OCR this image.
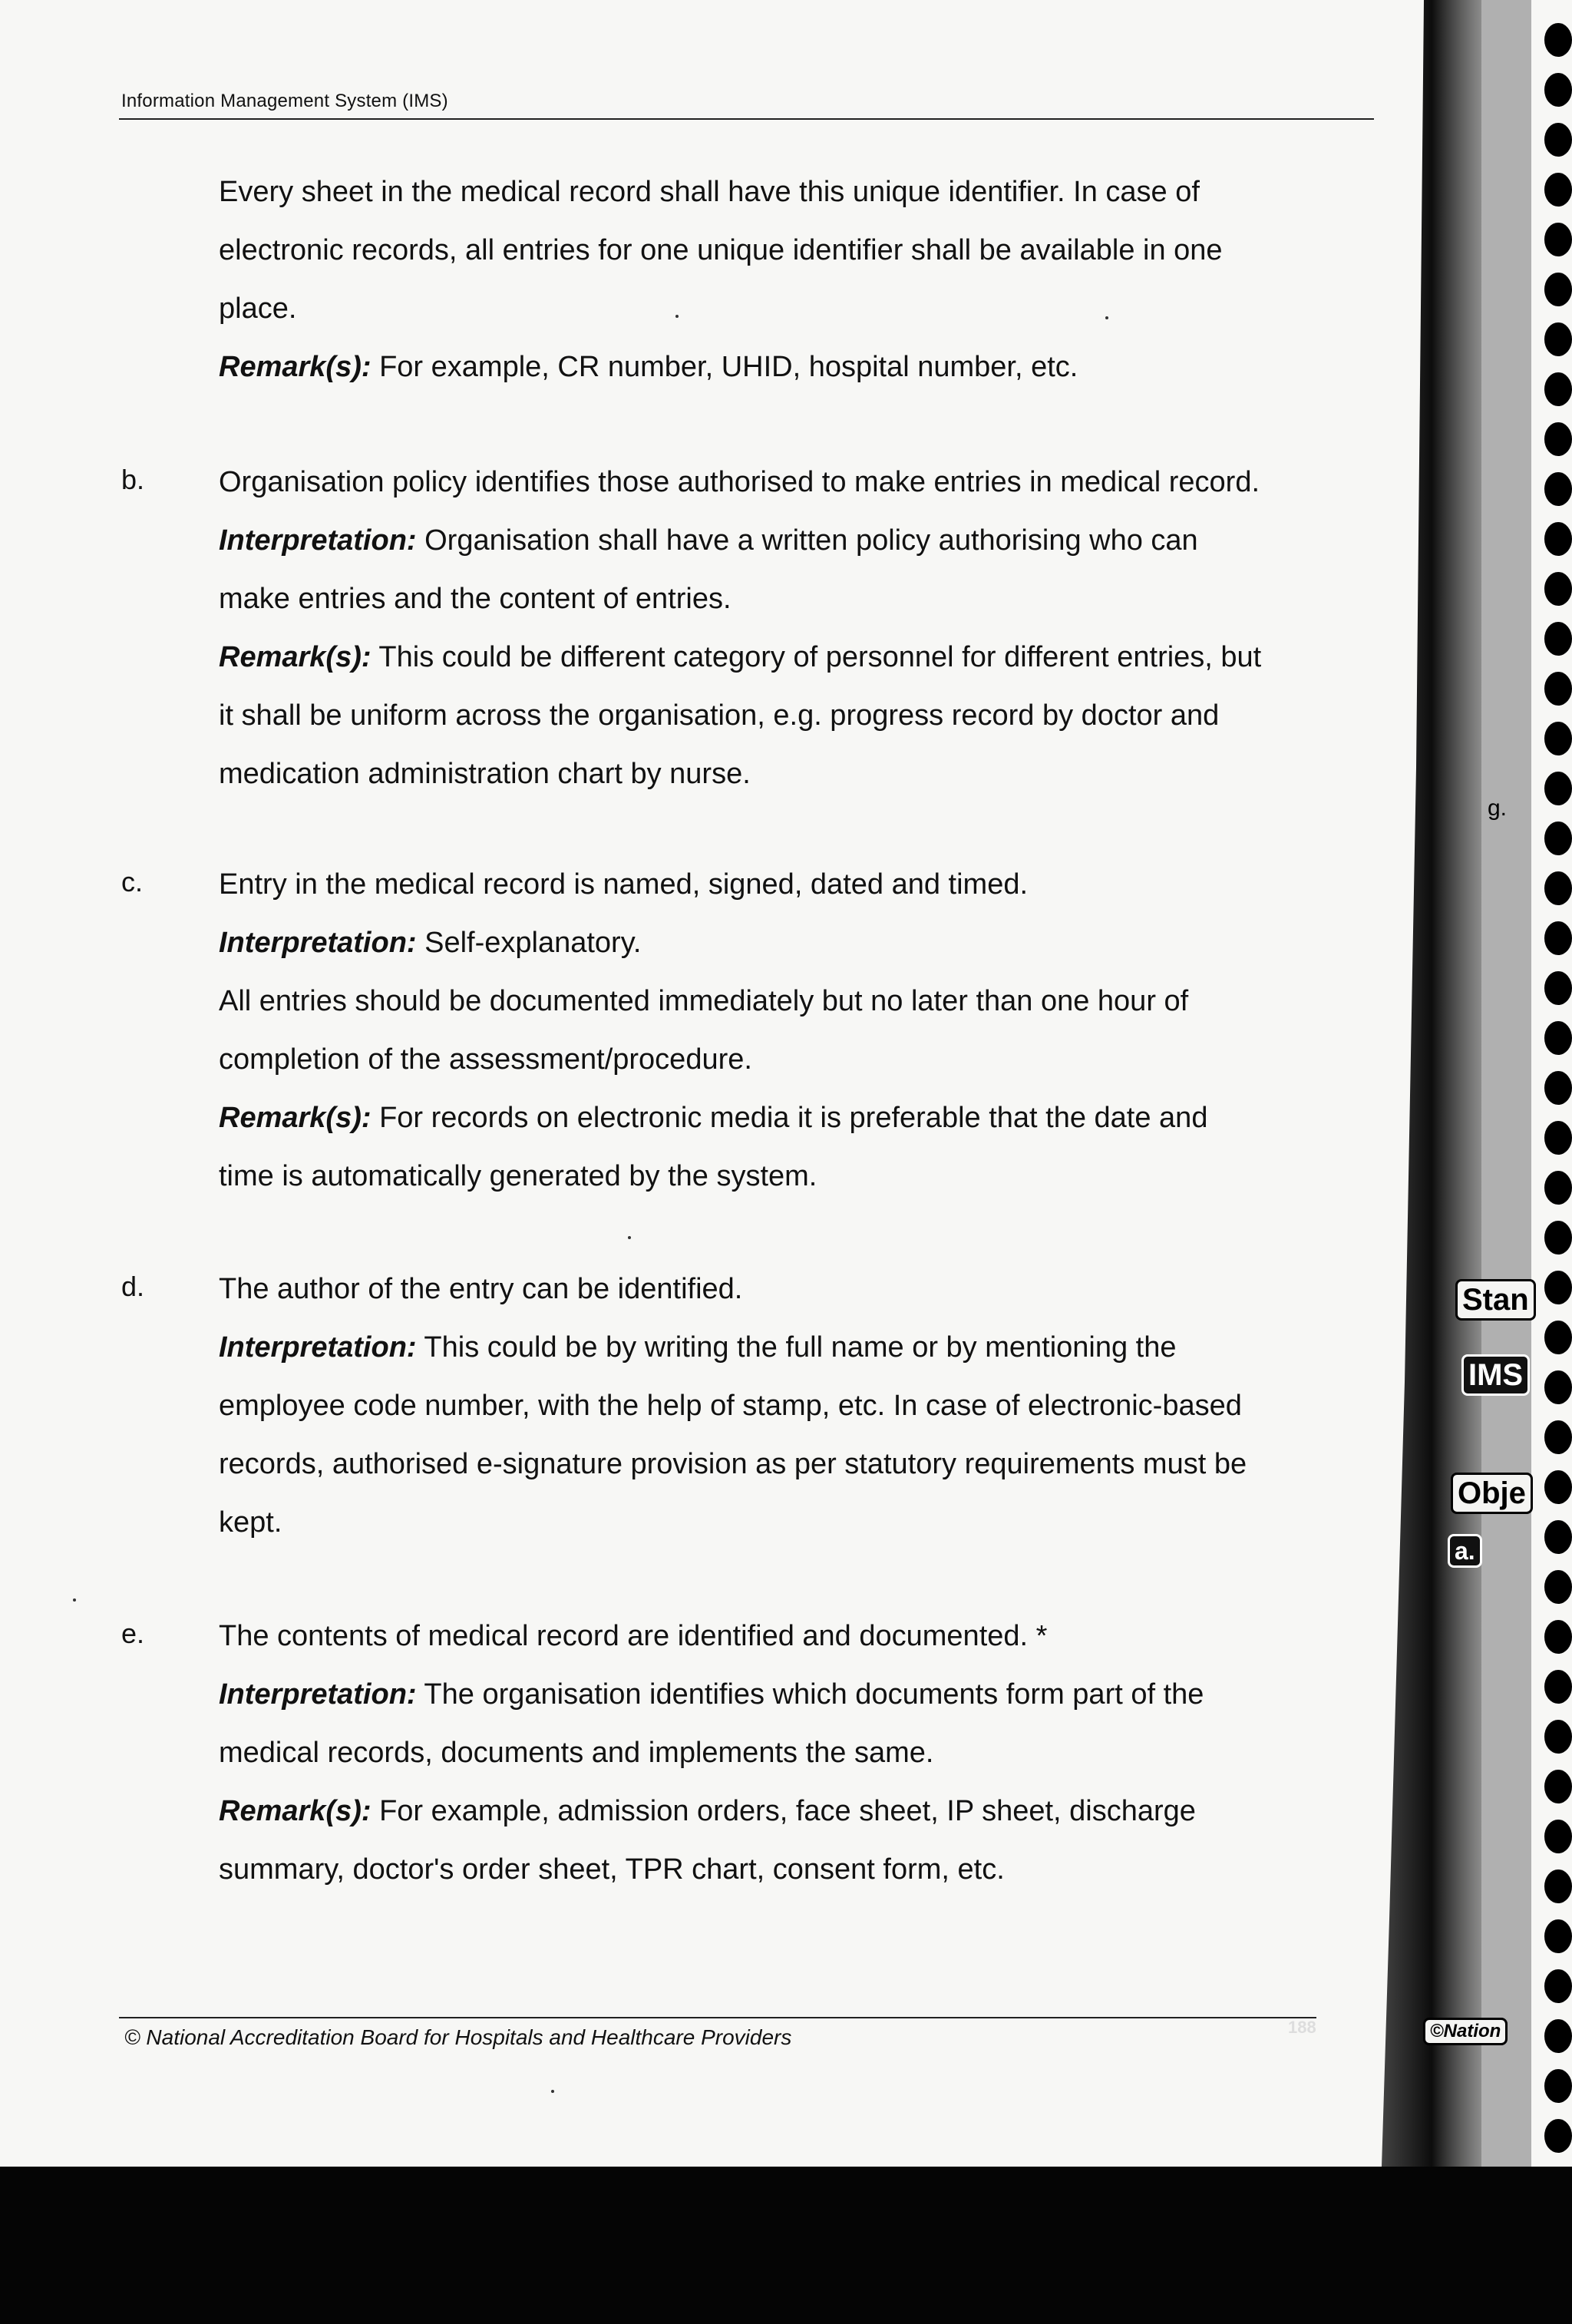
Information Management System (IMS)
Every sheet in the medical record shall have this unique identifier. In case of
electronic records, all entries for one unique identifier shall be available in one
place.
Remark(s): For example, CR number, UHID, hospital number, etc.
b.	Organisation policy identifies those authorised to make entries in medical record.
Interpretation: Organisation shall have a written policy authorising who can
make entries and the content of entries.
Remark(s): This could be different category of personnel for different entries, but
it shall be uniform across the organisation, e.g. progress record by doctor and
medication administration chart by nurse.
c.	Entry in the medical record is named, signed, dated and timed.
Interpretation: Self-explanatory.
All entries should be documented immediately but no later than one hour of
completion of the assessment/procedure.
Remark(s): For records on electronic media it is preferable that the date and
time is automatically generated by the system.
d.	The author of the entry can be identified.
Interpretation: This could be by writing the full name or by mentioning the
employee code number, with the help of stamp, etc. In case of electronic-based
records, authorised e-signature provision as per statutory requirements must be
kept.
e.	The contents of medical record are identified and documented. *
Interpretation: The organisation identifies which documents form part of the
medical records, documents and implements the same.
Remark(s): For example, admission orders, face sheet, IP sheet, discharge
summary, doctor's order sheet, TPR chart, consent form, etc.
© National Accreditation Board for Hospitals and Healthcare Providers	188
g.
Stan
IMS
Obje
a.
©Nation
